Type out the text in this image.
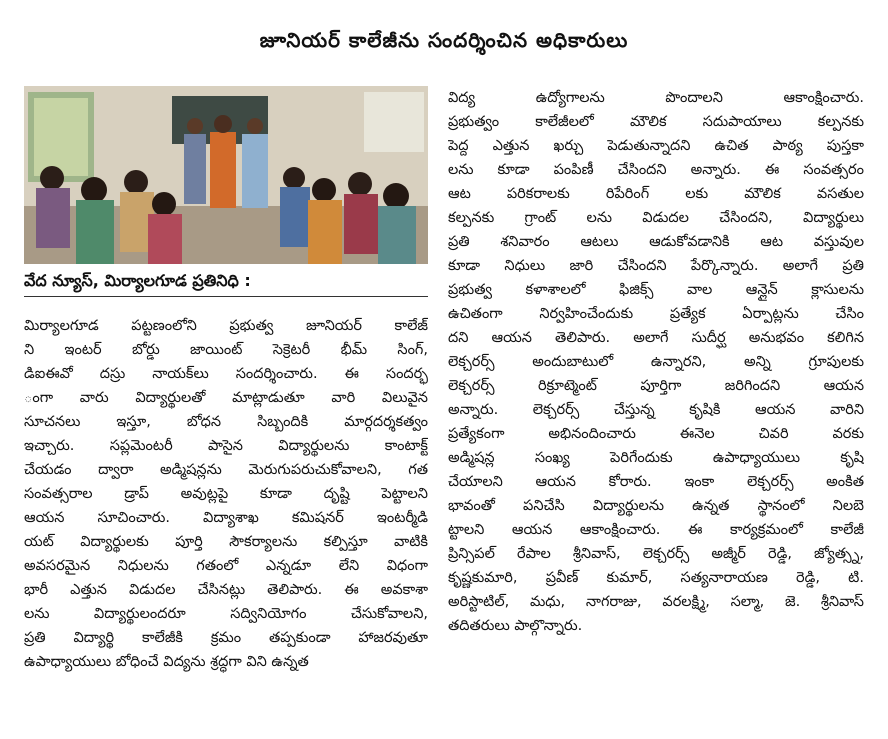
జూనియర్ కాలేజీను సందర్శించిన అధికారులు
వేద న్యూస్, మిర్యాలగూడ ప్రతినిధి :
మిర్యాలగూడ పట్టణంలోని ప్రభుత్వ జూనియర్ కాలేజ్
ని ఇంటర్ బోర్డు జాయింట్ సెక్రెటరీ భీమ్ సింగ్,
డిఐఈవో దస్రు నాయక్‌లు సందర్శించారు. ఈ సందర్భ
ంగా వారు విద్యార్థులతో మాట్లాడుతూ వారి విలువైన
సూచనలు ఇస్తూ, బోధన సిబ్బందికి మార్గదర్శకత్వం
ఇచ్చారు. సప్లమెంటరీ పాసైన విద్యార్థులను కాంటాక్ట్
చేయడం ద్వారా అడ్మిషన్లను మెరుగుపరుచుకోవాలని, గత
సంవత్సరాల డ్రాప్ అవుట్లపై కూడా దృష్టి పెట్టాలని
ఆయన సూచించారు. విద్యాశాఖ కమిషనర్ ఇంటర్మీడి
యట్ విద్యార్థులకు పూర్తి సౌకర్యాలను కల్పిస్తూ వాటికి
అవసరమైన నిధులను గతంలో ఎన్నడూ లేని విధంగా
భారీ ఎత్తున విడుదల చేసినట్లు తెలిపారు. ఈ అవకాశా
లను విద్యార్థులందరూ సద్వినియోగం చేసుకోవాలని,
ప్రతి విద్యార్థి కాలేజీకి క్రమం తప్పకుండా హాజరవుతూ
ఉపాధ్యాయులు బోధించే విద్యను శ్రద్ధగా విని ఉన్నత
విద్య ఉద్యోగాలను పొందాలని ఆకాంక్షించారు.
ప్రభుత్వం కాలేజీలలో మౌలిక సదుపాయాలు కల్పనకు
పెద్ద ఎత్తున ఖర్చు పెడుతున్నాదని ఉచిత పాఠ్య పుస్తకా
లను కూడా పంపిణీ చేసిందని అన్నారు. ఈ సంవత్సరం
ఆట పరికరాలకు రిపేరింగ్ లకు మౌలిక వసతుల
కల్పనకు గ్రాంట్ లను విడుదల చేసిందని, విద్యార్థులు
ప్రతి శనివారం ఆటలు ఆడుకోవడానికి ఆట వస్తువుల
కూడా నిధులు జారి చేసిందని పేర్కొన్నారు. అలాగే ప్రతి
ప్రభుత్వ కళాశాలలో ఫిజిక్స్ వాల ఆన్లైన్ క్లాసులను
ఉచితంగా నిర్వహించేందుకు ప్రత్యేక ఏర్పాట్లను చేసిం
దని ఆయన తెలిపారు. అలాగే సుదీర్ఘ అనుభవం కలిగిన
లెక్చరర్స్ అందుబాటులో ఉన్నారని, అన్ని గ్రూపులకు
లెక్చరర్స్ రిక్రూట్మెంట్ పూర్తిగా జరిగిందని ఆయన
అన్నారు. లెక్చరర్స్ చేస్తున్న కృషికి ఆయన వారిని
ప్రత్యేకంగా అభినందించారు ఈనెల చివరి వరకు
అడ్మిషన్ల సంఖ్య పెరిగేందుకు ఉపాధ్యాయులు కృషి
చేయాలని ఆయన కోరారు. ఇంకా లెక్చరర్స్ అంకిత
భావంతో పనిచేసి విద్యార్థులను ఉన్నత స్థానంలో నిలబె
ట్టాలని ఆయన ఆకాంక్షించారు. ఈ కార్యక్రమంలో కాలేజీ
ప్రిన్సిపల్ రేపాల శ్రీనివాస్, లెక్చరర్స్ అజ్మీర్ రెడ్డి, జ్యోత్స్న,
కృష్ణకుమారి, ప్రవీణ్ కుమార్, సత్యనారాయణ రెడ్డి, టి.
అరిస్టాటిల్, మధు, నాగరాజు, వరలక్ష్మి, సల్మా, జె. శ్రీనివాస్
తదితరులు పాల్గొన్నారు.
